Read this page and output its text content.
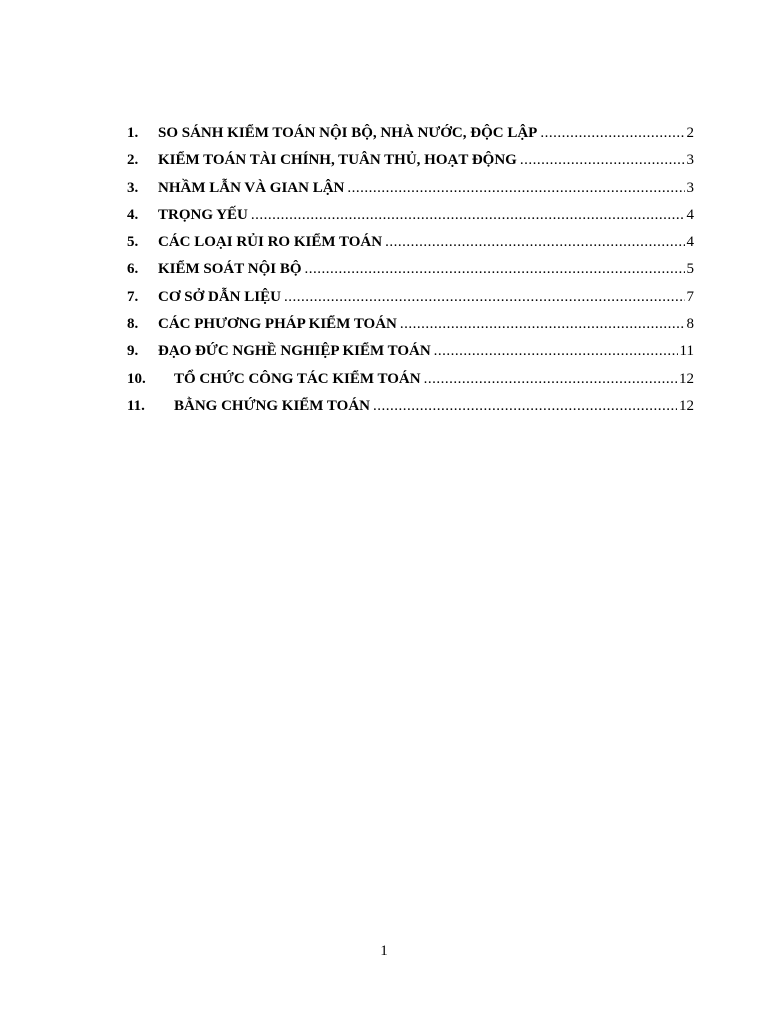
1.	SO SÁNH KIỂM TOÁN NỘI BỘ, NHÀ NƯỚC, ĐỘC LẬP .....	2
2.	KIỂM TOÁN TÀI CHÍNH, TUÂN THỦ, HOẠT ĐỘNG .....	3
3.	NHẦM LẪN VÀ GIAN LẬN .....	3
4.	TRỌNG YẾU .....	4
5.	CÁC LOẠI RỦI RO KIỂM TOÁN .....	4
6.	KIỂM SOÁT NỘI BỘ .....	5
7.	CƠ SỞ DẪN LIỆU .....	7
8.	CÁC PHƯƠNG PHÁP KIỂM TOÁN .....	8
9.	ĐẠO ĐỨC NGHỀ NGHIỆP KIỂM TOÁN .....	11
10.	TỔ CHỨC CÔNG TÁC KIỂM TOÁN .....	12
11.	BẰNG CHỨNG KIỂM TOÁN .....	12
1
